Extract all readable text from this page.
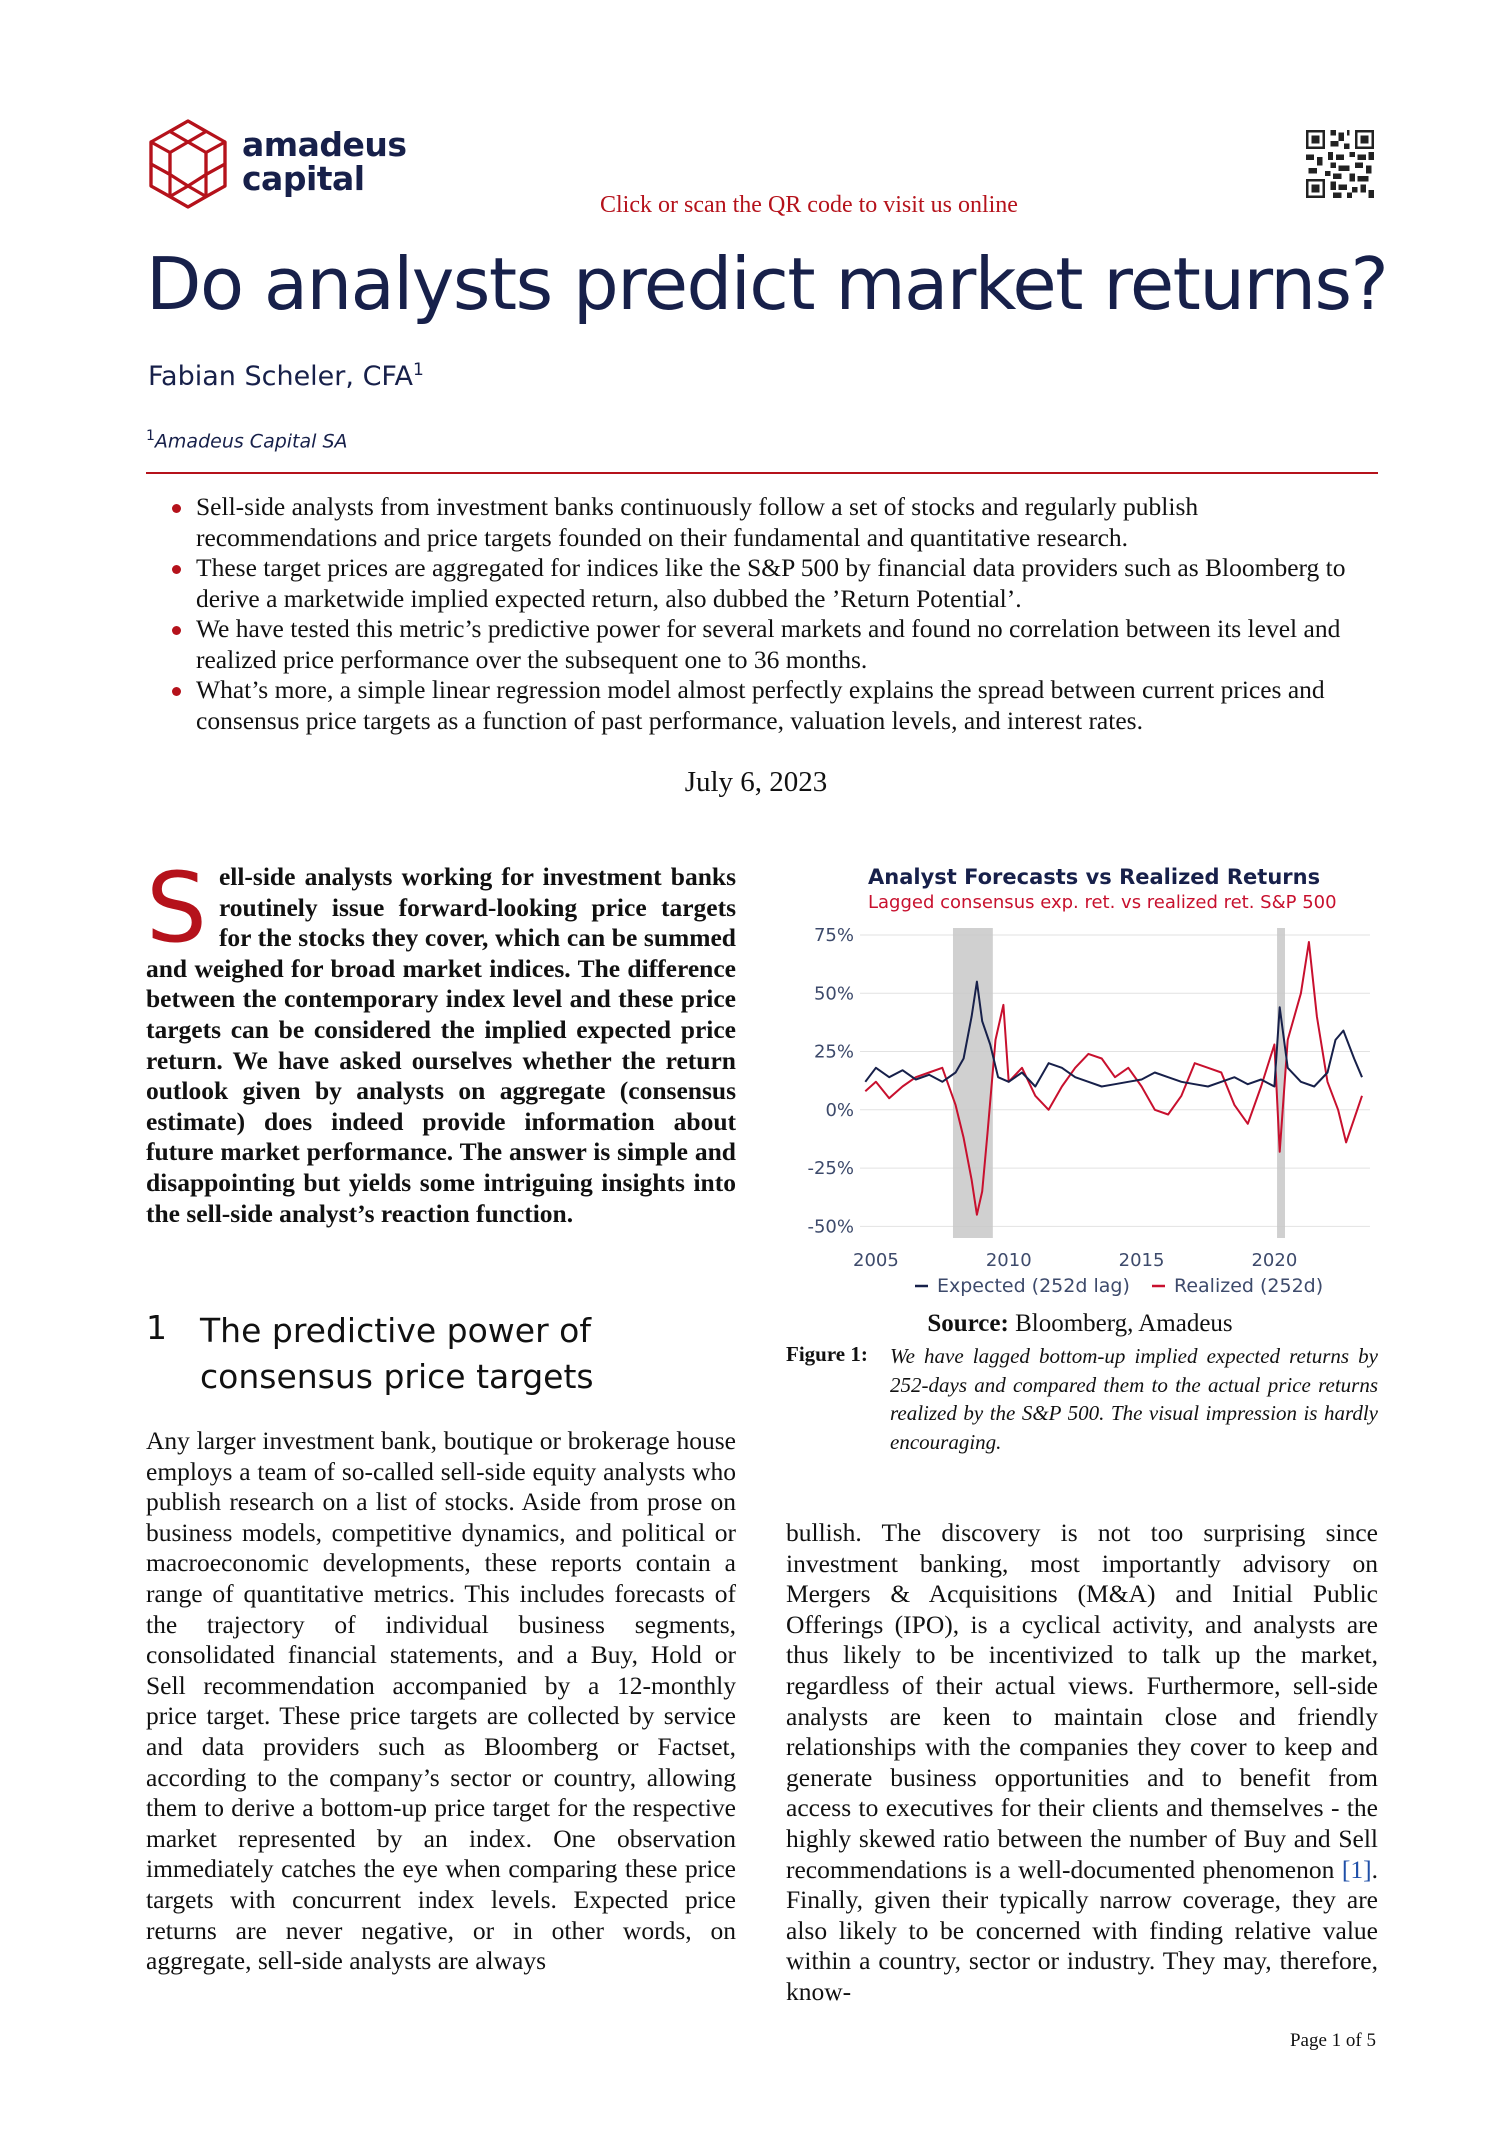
amadeus
capital
Click or scan the QR code to visit us online
Do analysts predict market returns?
Fabian Scheler, CFA$^1$
$^1$Amadeus Capital SA
Sell-side analysts from investment banks continuously follow a set of stocks and regularly publish recommendations and price targets founded on their fundamental and quantitative research.
These target prices are aggregated for indices like the S&P 500 by financial data providers such as Bloomberg to derive a marketwide implied expected return, also dubbed the ’Return Potential’.
We have tested this metric’s predictive power for several markets and found no correlation between its level and realized price performance over the subsequent one to 36 months.
What’s more, a simple linear regression model almost perfectly explains the spread between current prices and consensus price targets as a function of past performance, valuation levels, and interest rates.
July 6, 2023
Sell-side analysts working for investment banks routinely issue forward-looking price targets for the stocks they cover, which can be summed and weighed for broad market indices. The difference between the contemporary index level and these price targets can be considered the implied expected price return. We have asked ourselves whether the return outlook given by analysts on aggregate (consensus estimate) does indeed provide information about future market performance. The answer is simple and disappointing but yields some intriguing insights into the sell-side analyst’s reaction function.
1 The predictive power of consensus price targets
Any larger investment bank, boutique or brokerage house employs a team of so-called sell-side equity analysts who publish research on a list of stocks. Aside from prose on business models, competitive dynamics, and political or macroeconomic developments, these reports contain a range of quantitative metrics. This includes forecasts of the trajectory of individual business segments, consolidated financial statements, and a Buy, Hold or Sell recommendation accompanied by a 12-monthly price target. These price targets are collected by service and data providers such as Bloomberg or Factset, according to the company’s sector or country, allowing them to derive a bottom-up price target for the respective market represented by an index. One observation immediately catches the eye when comparing these price targets with concurrent index levels. Expected price returns are never negative, or in other words, on aggregate, sell-side analysts are always
Analyst Forecasts vs Realized Returns
Lagged consensus exp. ret. vs realized ret. S&P 500
75%
50%
25%
0%
-25%
-50%
2005	2010	2015	2020
Expected (252d lag) Realized (252d)
Source: Bloomberg, Amadeus
Figure 1: We have lagged bottom-up implied expected returns by 252-days and compared them to the actual price returns realized by the S&P 500. The visual impression is hardly encouraging.
bullish. The discovery is not too surprising since investment banking, most importantly advisory on Mergers & Acquisitions (M&A) and Initial Public Offerings (IPO), is a cyclical activity, and analysts are thus likely to be incentivized to talk up the market, regardless of their actual views. Furthermore, sell-side analysts are keen to maintain close and friendly relationships with the companies they cover to keep and generate business opportunities and to benefit from access to executives for their clients and themselves - the highly skewed ratio between the number of Buy and Sell recommendations is a well-documented phenomenon [1]. Finally, given their typically narrow coverage, they are also likely to be concerned with finding relative value within a country, sector or industry. They may, therefore, know-
Page 1 of 5
